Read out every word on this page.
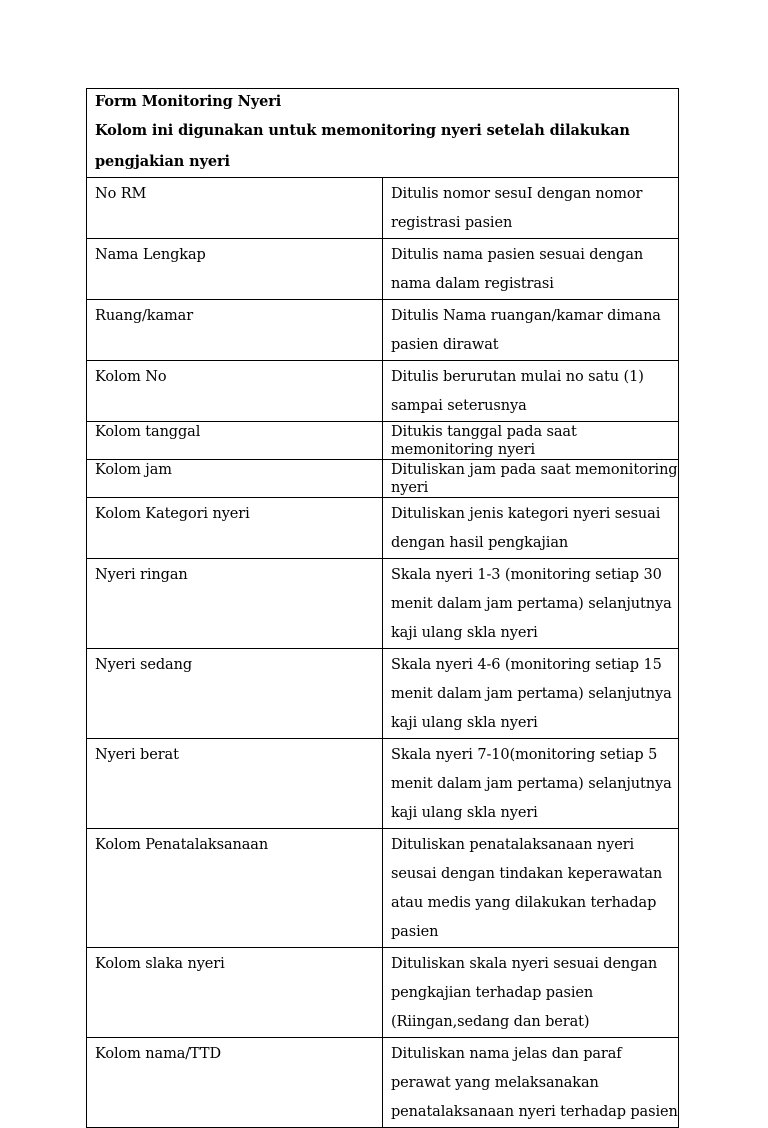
Form Monitoring Nyeri
Kolom ini digunakan untuk memonitoring nyeri setelah dilakukan pengjakian nyeri	

No RM	Ditulis nomor sesuI dengan nomor registrasi pasien
Nama Lengkap	Ditulis nama pasien sesuai dengan nama dalam registrasi
Ruang/kamar	Ditulis Nama ruangan/kamar dimana pasien dirawat
Kolom No	Ditulis berurutan mulai no satu (1) sampai seterusnya
Kolom tanggal	Ditukis tanggal pada saat memonitoring nyeri
Kolom jam	Dituliskan jam pada saat memonitoring nyeri
Kolom Kategori nyeri	Dituliskan jenis kategori nyeri sesuai dengan hasil pengkajian
Nyeri ringan	Skala nyeri 1-3 (monitoring setiap 30 menit dalam jam pertama) selanjutnya kaji ulang skla nyeri
Nyeri sedang	Skala nyeri 4-6 (monitoring setiap 15 menit dalam jam pertama) selanjutnya kaji ulang skla nyeri
Nyeri berat	Skala nyeri 7-10(monitoring setiap 5 menit dalam jam pertama) selanjutnya kaji ulang skla nyeri
Kolom Penatalaksanaan	Dituliskan penatalaksanaan nyeri seusai dengan tindakan keperawatan atau medis yang dilakukan terhadap pasien
Kolom slaka nyeri	Dituliskan skala nyeri sesuai dengan pengkajian terhadap pasien (Riingan,sedang dan berat)
Kolom nama/TTD	Dituliskan nama jelas dan paraf perawat yang melaksanakan penatalaksanaan nyeri terhadap pasien
